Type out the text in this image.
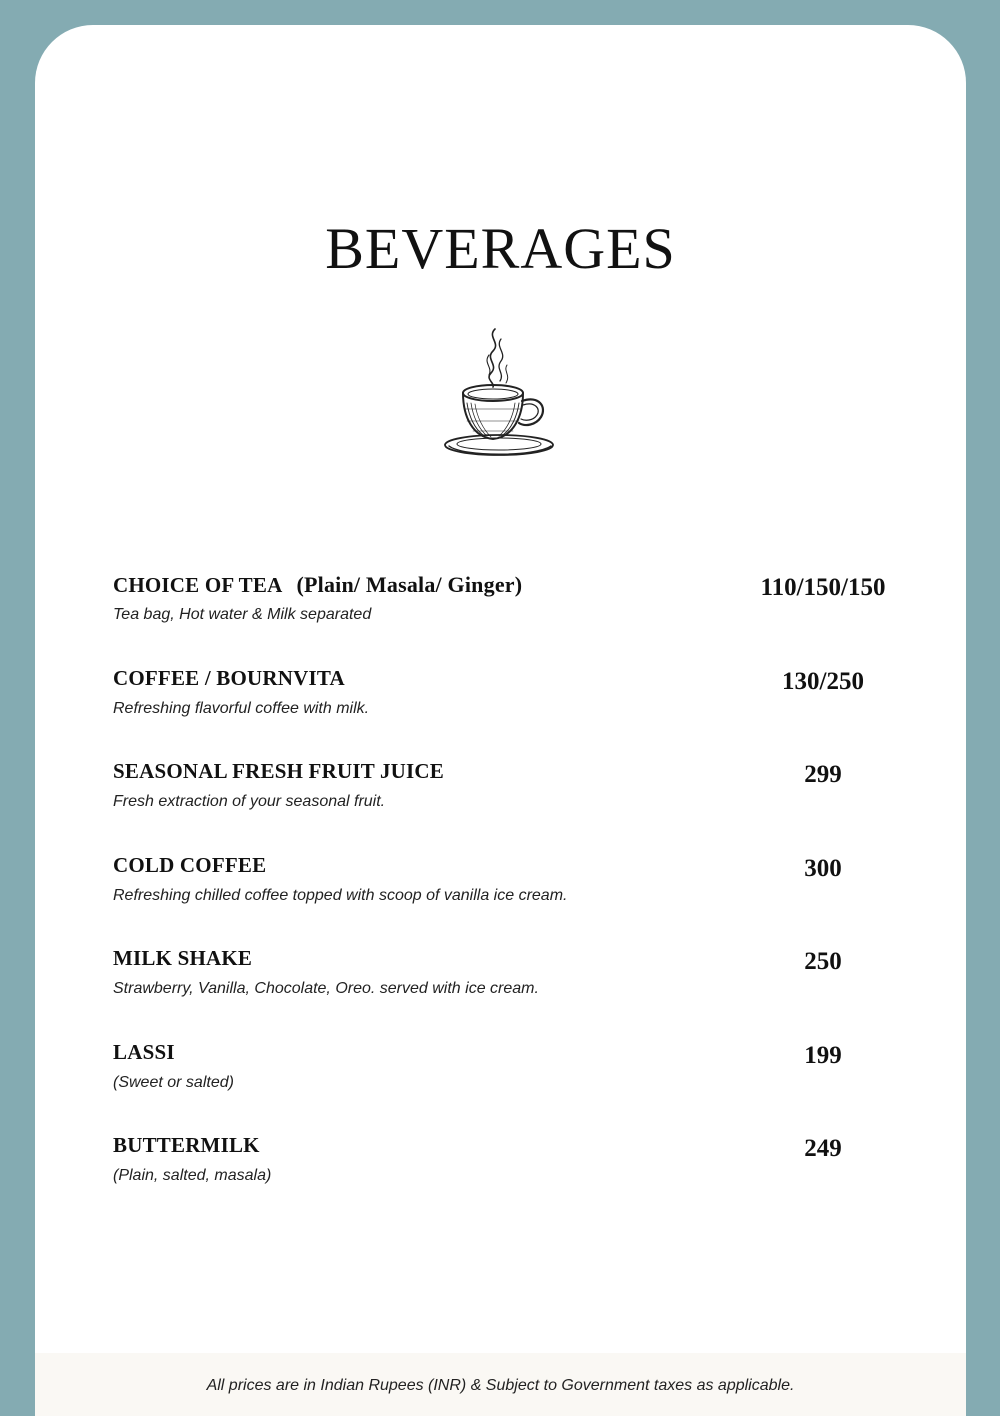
BEVERAGES
CHOICE OF TEA (Plain/ Masala/ Ginger)
Tea bag, Hot water & Milk separated
110/150/150
COFFEE / BOURNVITA
Refreshing flavorful coffee with milk.
130/250
SEASONAL FRESH FRUIT JUICE
Fresh extraction of your seasonal fruit.
299
COLD COFFEE
Refreshing chilled coffee topped with scoop of vanilla ice cream.
300
MILK SHAKE
Strawberry, Vanilla, Chocolate, Oreo. served with ice cream.
250
LASSI
(Sweet or salted)
199
BUTTERMILK
(Plain, salted, masala)
249
All prices are in Indian Rupees (INR) & Subject to Government taxes as applicable.
